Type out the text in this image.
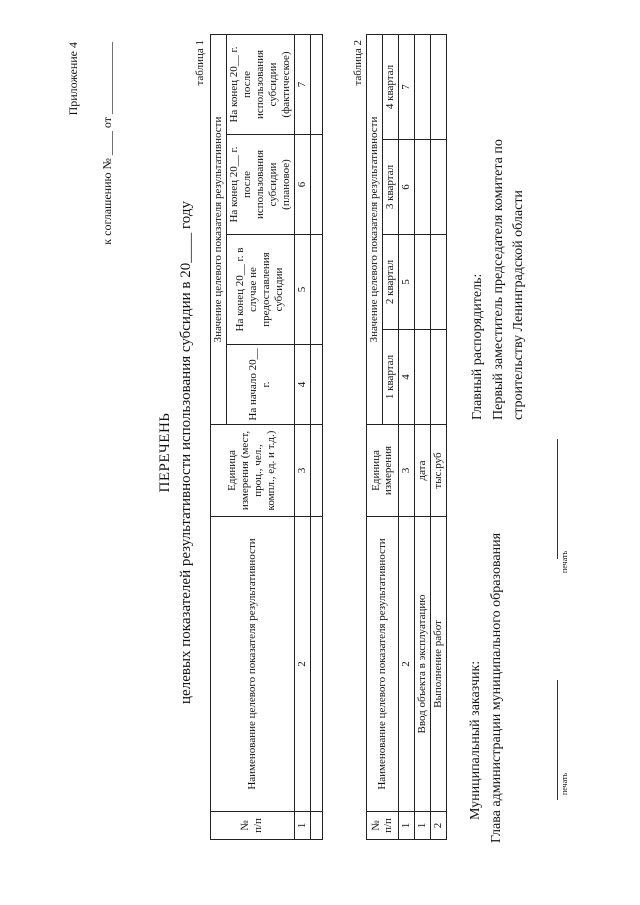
Приложение 4 к соглашению № ____ от ____________
ПЕРЕЧЕНЬ целевых показателей результативности использования субсидии в 20____ году
таблица 1
№ п/п	Наименование целевого показателя результативности	Единица измерения (мест, проц., чел., компл., ед. и т.д.)	Значение целевого показателя результативности			
			На начало 20__ г.	На конец 20__ г. в случае не предоставления субсидии	На конец 20__ г. после использования субсидии (плановое)	На конец 20__ г. после использования субсидии (фактическое)
1	2	3	4	5	6	7
							таблица 2
№ п/п	Наименование целевого показателя результативности	Единица измерения	Значение целевого показателя результативности			
			1 квартал	2 квартал	3 квартал	4 квартал
1	2	3	4	5	6	7
1	Ввод объекта в эксплуатацию	дата				
2	Выполнение работ	тыс.руб				
Муниципальный заказчик: Глава администрации муниципального образования
Главный распорядитель: Первый заместитель председателя комитета по строительству Ленинградской области
печать
печать
